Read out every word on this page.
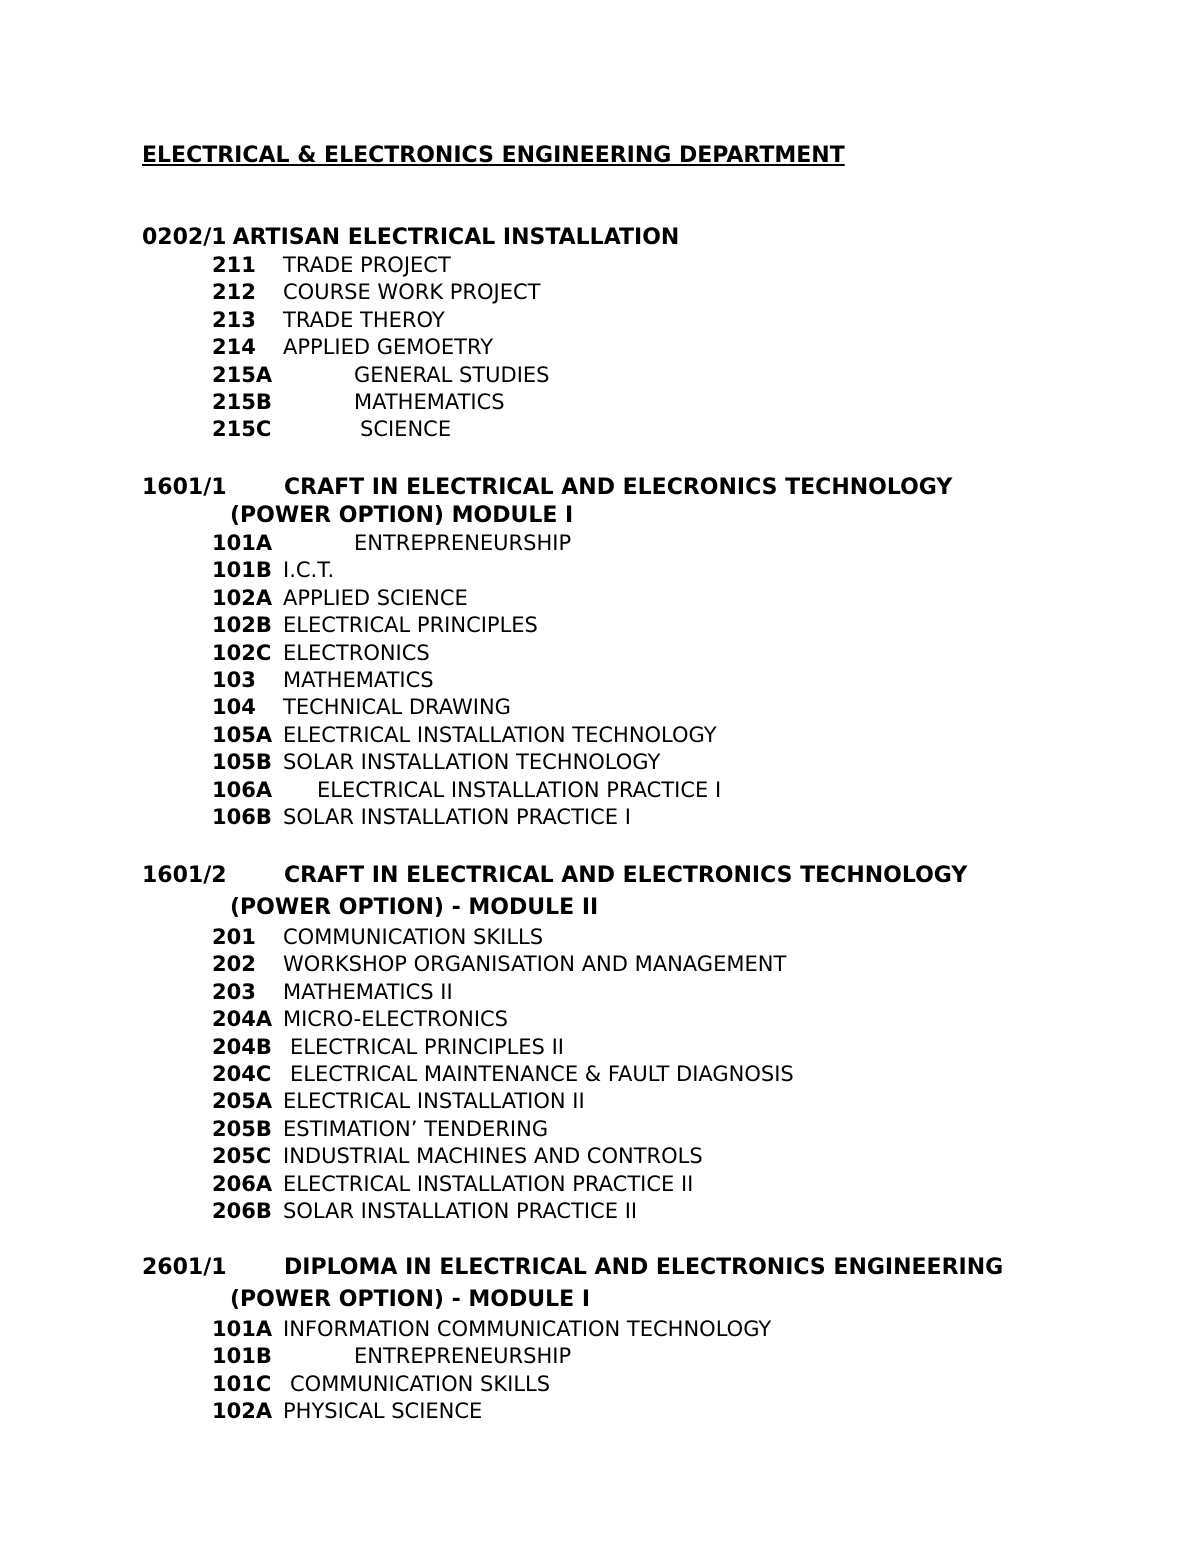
ELECTRICAL & ELECTRONICS ENGINEERING DEPARTMENT
0202/1 ARTISAN ELECTRICAL INSTALLATION
211 TRADE PROJECT
212 COURSE WORK PROJECT
213 TRADE THEROY
214 APPLIED GEMOETRY
215A	GENERAL STUDIES
215B	MATHEMATICS
215C	SCIENCE
1601/1	CRAFT IN ELECTRICAL AND ELECRONICS TECHNOLOGY
(POWER OPTION) MODULE I
101A	ENTREPRENEURSHIP
101B I.C.T.
102A APPLIED SCIENCE
102B ELECTRICAL PRINCIPLES
102C ELECTRONICS
103 MATHEMATICS
104 TECHNICAL DRAWING
105A ELECTRICAL INSTALLATION TECHNOLOGY
105B SOLAR INSTALLATION TECHNOLOGY
106A ELECTRICAL INSTALLATION PRACTICE I
106B SOLAR INSTALLATION PRACTICE I
1601/2	CRAFT IN ELECTRICAL AND ELECTRONICS TECHNOLOGY
(POWER OPTION) - MODULE II
201 COMMUNICATION SKILLS
202 WORKSHOP ORGANISATION AND MANAGEMENT
203 MATHEMATICS II
204A MICRO-ELECTRONICS
204B ELECTRICAL PRINCIPLES II
204C ELECTRICAL MAINTENANCE & FAULT DIAGNOSIS
205A ELECTRICAL INSTALLATION II
205B ESTIMATION’ TENDERING
205C INDUSTRIAL MACHINES AND CONTROLS
206A ELECTRICAL INSTALLATION PRACTICE II
206B SOLAR INSTALLATION PRACTICE II
2601/1	DIPLOMA IN ELECTRICAL AND ELECTRONICS ENGINEERING
(POWER OPTION) - MODULE I
101A INFORMATION COMMUNICATION TECHNOLOGY
101B	ENTREPRENEURSHIP
101C COMMUNICATION SKILLS
102A PHYSICAL SCIENCE
